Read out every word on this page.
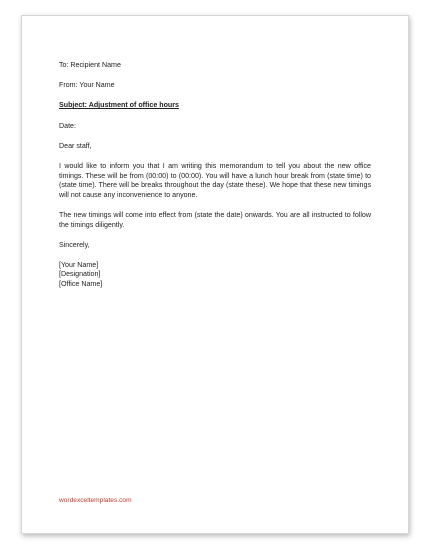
To: Recipient Name

From: Your Name

Subject: Adjustment of office hours

Date:

Dear staff,

I would like to inform you that I am writing this memorandum to tell you about the new office timings. These will be from (00:00) to (00:00). You will have a lunch hour break from (state time) to (state time). There will be breaks throughout the day (state these). We hope that these new timings will not cause any inconvenience to anyone.

The new timings will come into effect from (state the date) onwards. You are all instructed to follow the timings diligently.

Sincerely,

[Your Name]

[Designation]

[Office Name]

wordexceltemplates.com
